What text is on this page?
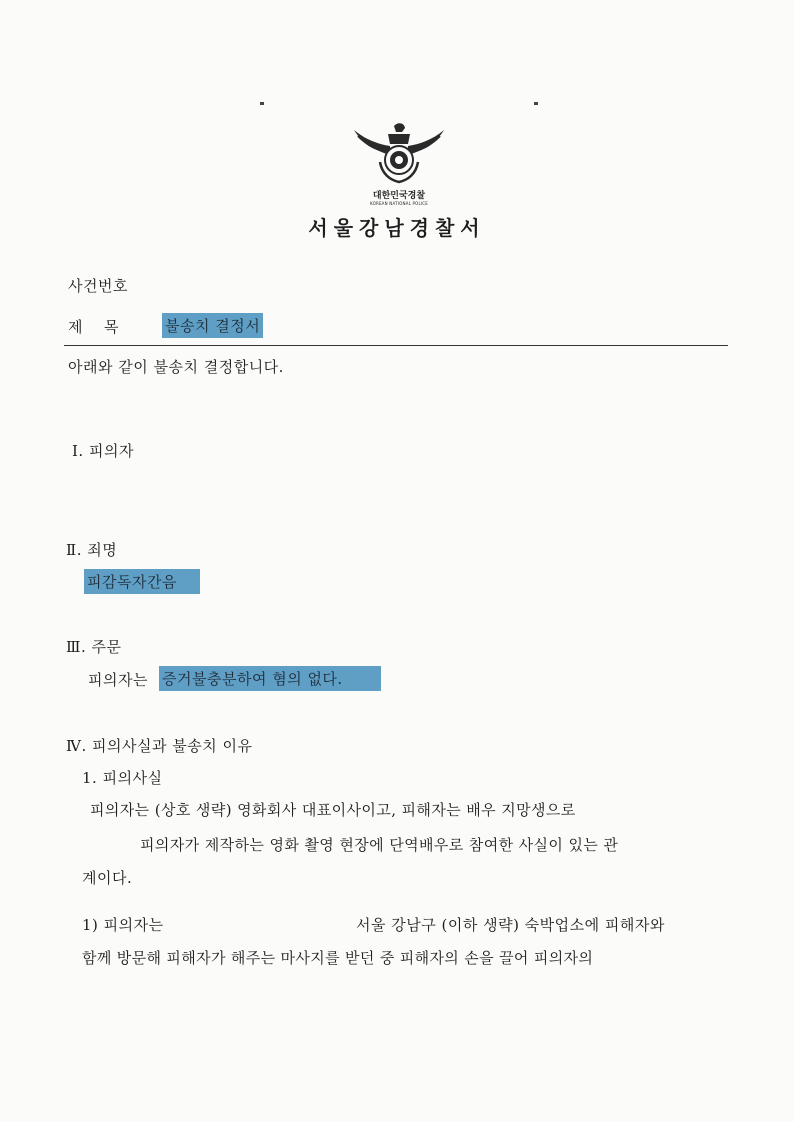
대한민국경찰
KOREAN NATIONAL POLICE
서울강남경찰서
사건번호
제    목	불송치 결정서
아래와 같이 불송치 결정합니다.
Ⅰ. 피의자
Ⅱ. 죄명
피감독자간음
Ⅲ. 주문
피의자는 증거불충분하여 혐의 없다.
Ⅳ. 피의사실과 불송치 이유
1. 피의사실
피의자는 (상호 생략) 영화회사 대표이사이고, 피해자는 배우 지망생으로
피의자가 제작하는 영화 촬영 현장에 단역배우로 참여한 사실이 있는 관
계이다.
1) 피의자는	서울 강남구 (이하 생략) 숙박업소에 피해자와
함께 방문해 피해자가 해주는 마사지를 받던 중 피해자의 손을 끌어 피의자의
